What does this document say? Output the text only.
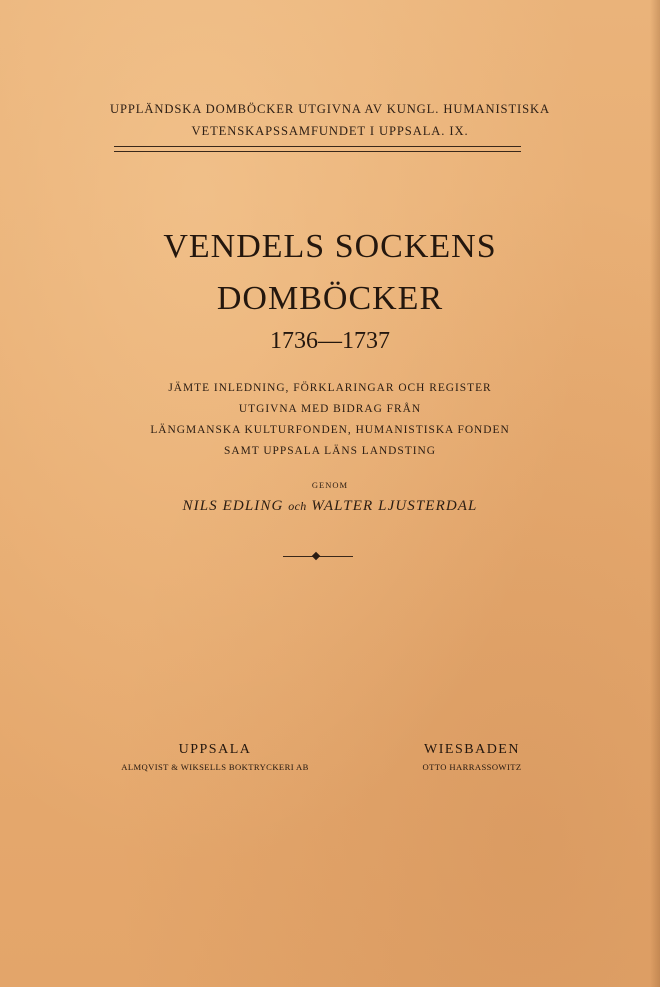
UPPLÄNDSKA DOMBÖCKER UTGIVNA AV KUNGL. HUMANISTISKA
VETENSKAPSSAMFUNDET I UPPSALA. IX.
VENDELS SOCKENS
DOMBÖCKER
1736—1737
JÄMTE INLEDNING, FÖRKLARINGAR OCH REGISTER
UTGIVNA MED BIDRAG FRÅN
LÄNGMANSKA KULTURFONDEN, HUMANISTISKA FONDEN
SAMT UPPSALA LÄNS LANDSTING
GENOM
NILS EDLING och WALTER LJUSTERDAL
UPPSALA
ALMQVIST & WIKSELLS BOKTRYCKERI AB
WIESBADEN
OTTO HARRASSOWITZ
